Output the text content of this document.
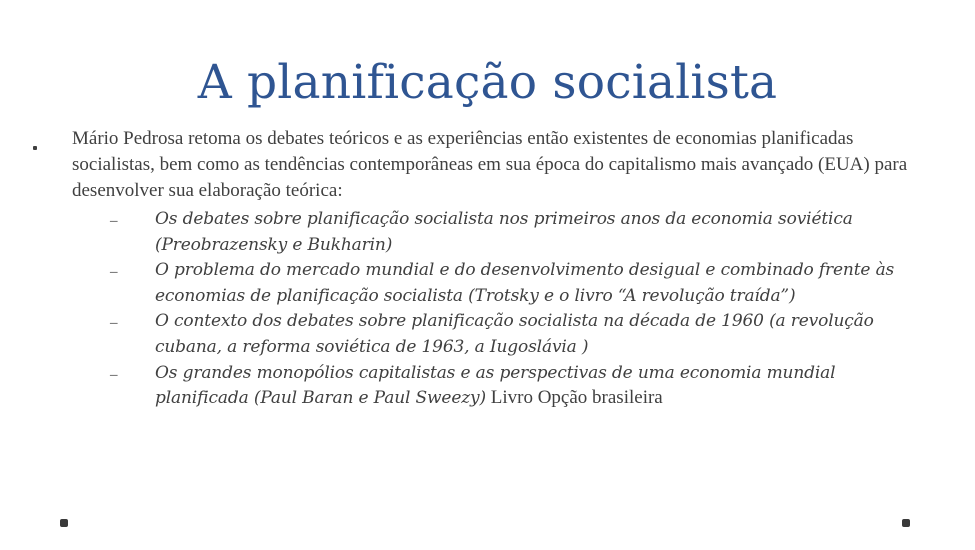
A planificação socialista

Mário Pedrosa retoma os debates teóricos e as experiências então existentes de economias planificadas socialistas, bem como as tendências contemporâneas em sua época do capitalismo mais avançado (EUA) para desenvolver sua elaboração teórica:

–	Os debates sobre planificação socialista nos primeiros anos da economia soviética (Preobrazensky e Bukharin)
–	O problema do mercado mundial e do desenvolvimento desigual e combinado frente às economias de planificação socialista (Trotsky e o livro “A revolução traída”)
–	O contexto dos debates sobre planificação socialista na década de 1960 (a revolução cubana, a reforma soviética de 1963, a Iugoslávia )
–	Os grandes monopólios capitalistas e as perspectivas de uma economia mundial planificada (Paul Baran e Paul Sweezy) Livro Opção brasileira
